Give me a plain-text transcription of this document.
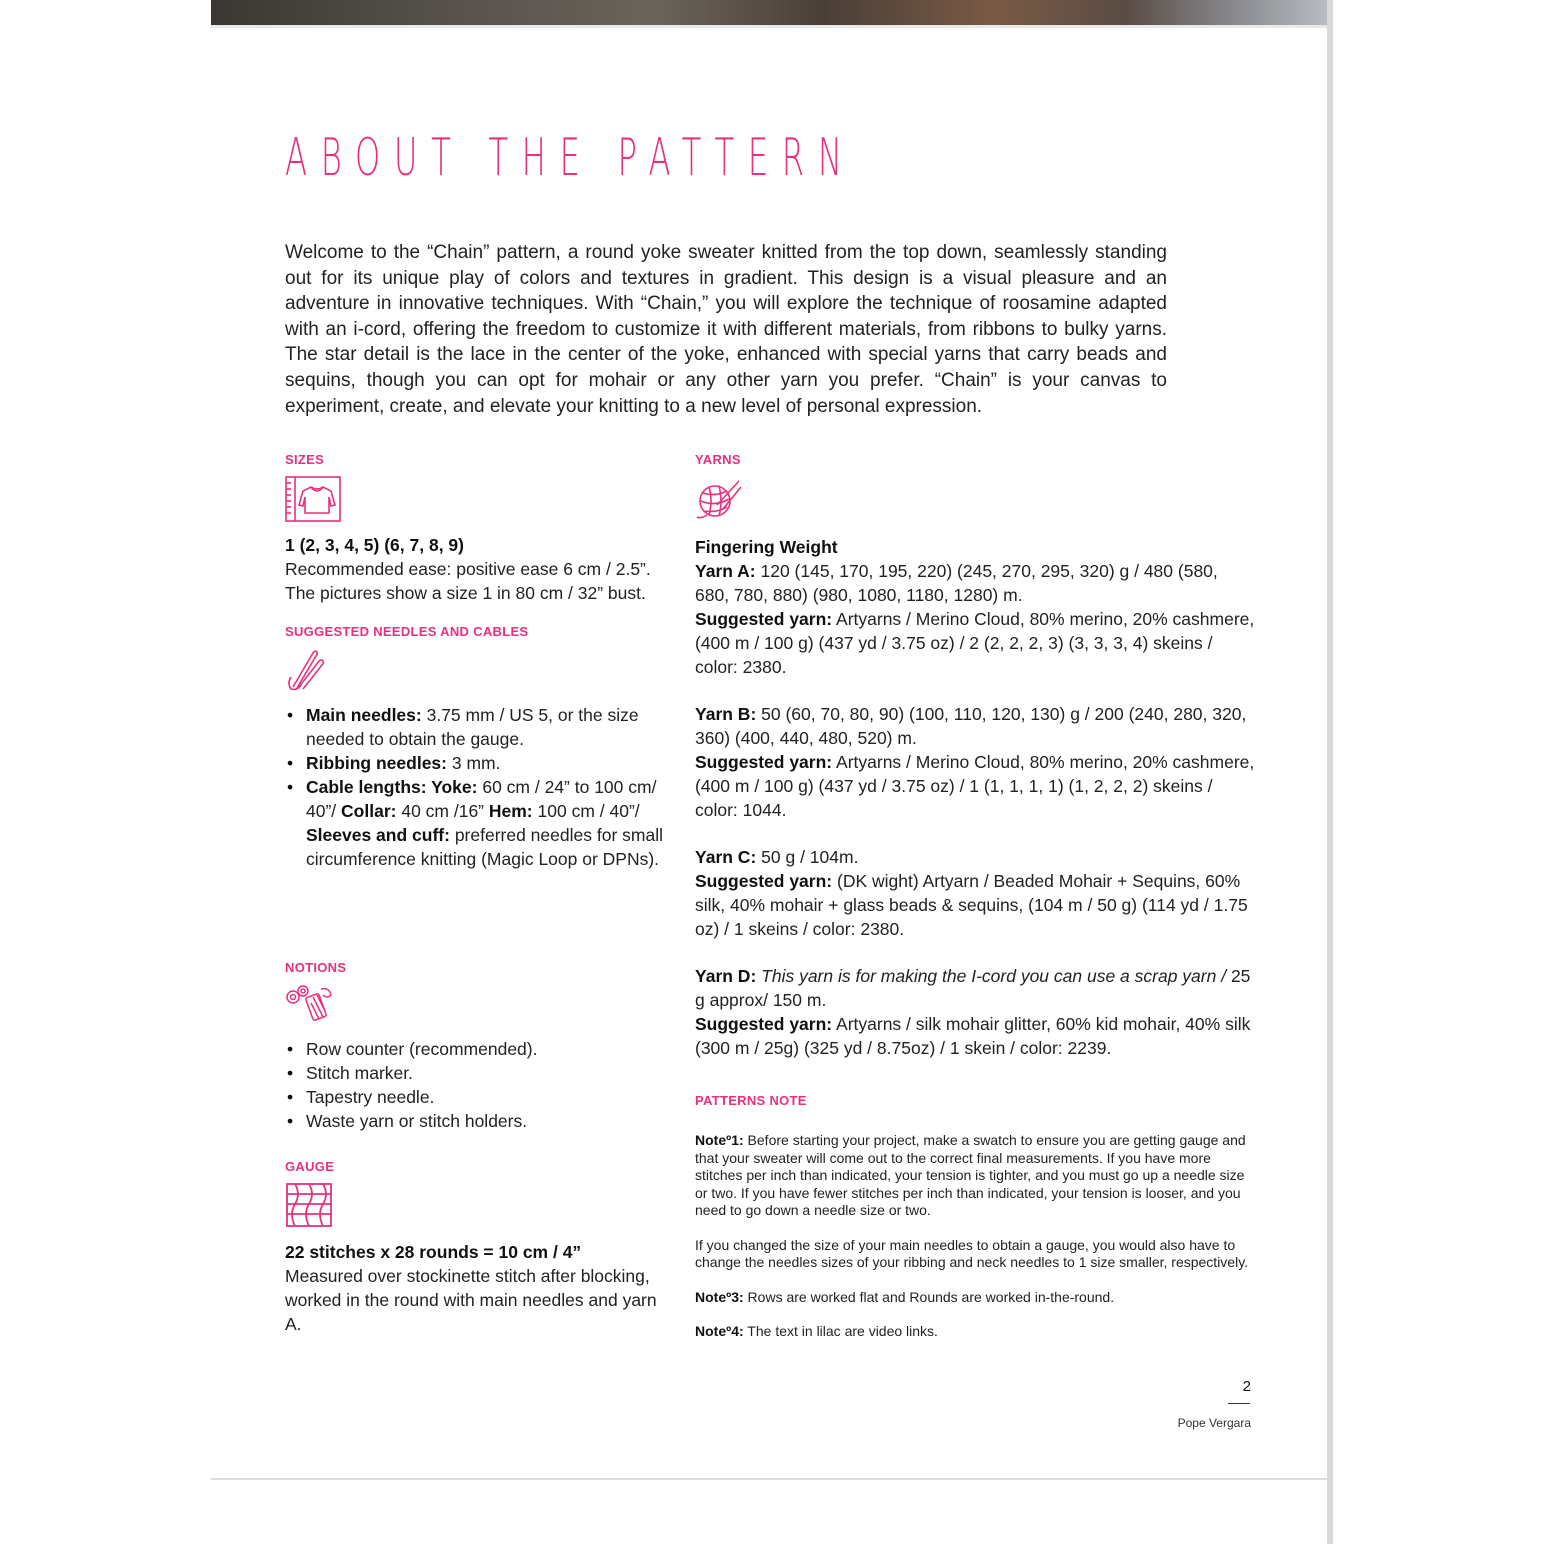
ABOUT THE PATTERN

Welcome to the “Chain” pattern, a round yoke sweater knitted from the top down, seamlessly standing out for its unique play of colors and textures in gradient. This design is a visual pleasure and an adventure in innovative techniques. With “Chain,” you will explore the technique of roosamine adapted with an i-cord, offering the freedom to customize it with different materials, from ribbons to bulky yarns. The star detail is the lace in the center of the yoke, enhanced with special yarns that carry beads and sequins, though you can opt for mohair or any other yarn you prefer. “Chain” is your canvas to experiment, create, and elevate your knitting to a new level of personal expression.

SIZES

1 (2, 3, 4, 5) (6, 7, 8, 9)
Recommended ease: positive ease 6 cm / 2.5”.
The pictures show a size 1 in 80 cm / 32” bust.

SUGGESTED NEEDLES AND CABLES

• Main needles: 3.75 mm / US 5, or the size needed to obtain the gauge.
• Ribbing needles: 3 mm.
• Cable lengths: Yoke: 60 cm / 24” to 100 cm/ 40”/ Collar: 40 cm /16” Hem: 100 cm / 40”/ Sleeves and cuff: preferred needles for small circumference knitting (Magic Loop or DPNs).

NOTIONS

• Row counter (recommended).
• Stitch marker.
• Tapestry needle.
• Waste yarn or stitch holders.

GAUGE

22 stitches x 28 rounds = 10 cm / 4”
Measured over stockinette stitch after blocking, worked in the round with main needles and yarn A.

YARNS

Fingering Weight
Yarn A: 120 (145, 170, 195, 220) (245, 270, 295, 320) g / 480 (580, 680, 780, 880) (980, 1080, 1180, 1280) m.
Suggested yarn: Artyarns / Merino Cloud, 80% merino, 20% cashmere, (400 m / 100 g) (437 yd / 3.75 oz) / 2 (2, 2, 2, 3) (3, 3, 3, 4) skeins / color: 2380.
Yarn B: 50 (60, 70, 80, 90) (100, 110, 120, 130) g / 200 (240, 280, 320, 360) (400, 440, 480, 520) m.
Suggested yarn: Artyarns / Merino Cloud, 80% merino, 20% cashmere, (400 m / 100 g) (437 yd / 3.75 oz) / 1 (1, 1, 1, 1) (1, 2, 2, 2) skeins / color: 1044.
Yarn C: 50 g / 104m.
Suggested yarn: (DK wight) Artyarn / Beaded Mohair + Sequins, 60% silk, 40% mohair + glass beads & sequins, (104 m / 50 g) (114 yd / 1.75 oz) / 1 skeins / color: 2380.
Yarn D: This yarn is for making the I-cord you can use a scrap yarn / 25 g approx/ 150 m.
Suggested yarn: Artyarns / silk mohair glitter, 60% kid mohair, 40% silk (300 m / 25g) (325 yd / 8.75oz) / 1 skein / color: 2239.

PATTERNS NOTE

Noteº1: Before starting your project, make a swatch to ensure you are getting gauge and that your sweater will come out to the correct final measurements. If you have more stitches per inch than indicated, your tension is tighter, and you must go up a needle size or two. If you have fewer stitches per inch than indicated, your tension is looser, and you need to go down a needle size or two.
If you changed the size of your main needles to obtain a gauge, you would also have to change the needles sizes of your ribbing and neck needles to 1 size smaller, respectively.
Noteº3: Rows are worked flat and Rounds are worked in-the-round.
Noteº4: The text in lilac are video links.
2
Pope Vergara
